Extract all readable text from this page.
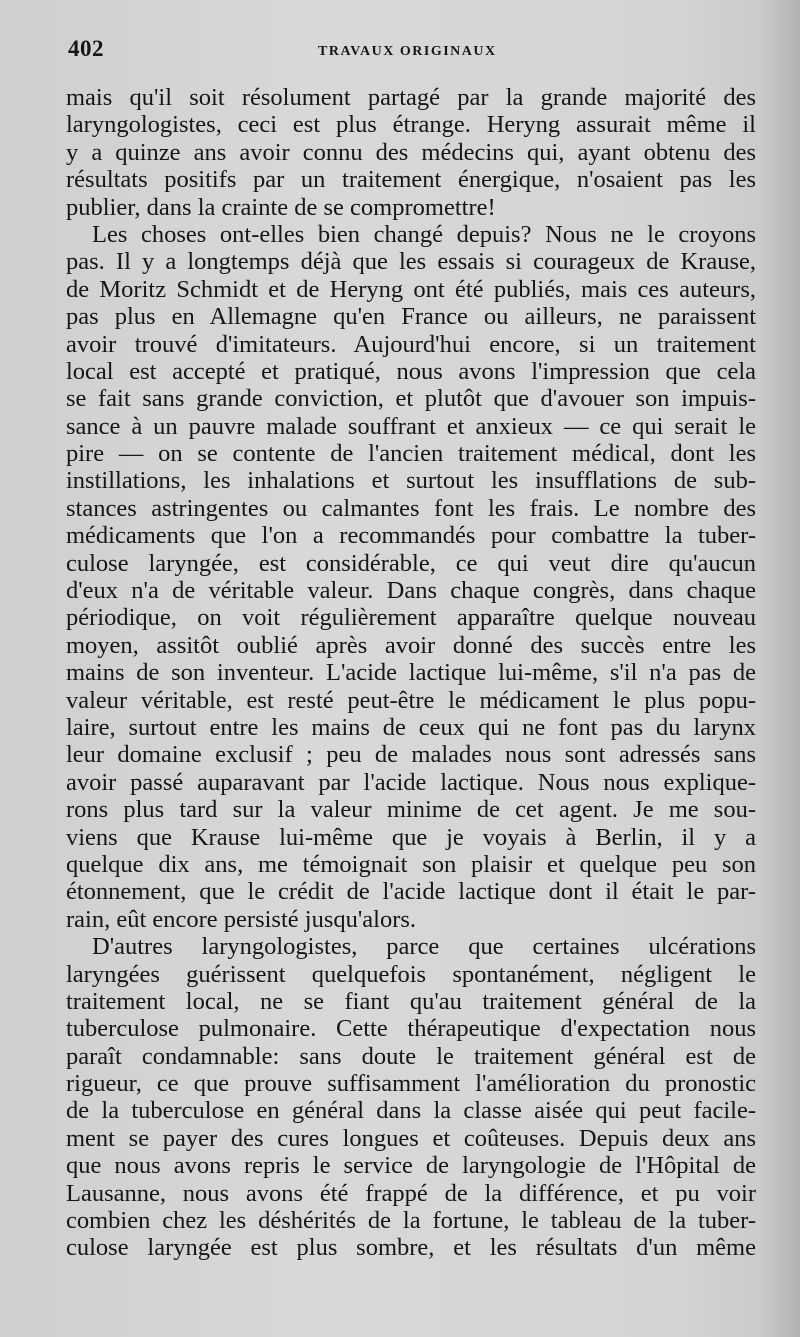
402	TRAVAUX ORIGINAUX
mais qu'il soit résolument partagé par la grande majorité des
laryngologistes, ceci est plus étrange. Heryng assurait même il
y a quinze ans avoir connu des médecins qui, ayant obtenu des
résultats positifs par un traitement énergique, n'osaient pas les
publier, dans la crainte de se compromettre!
Les choses ont-elles bien changé depuis? Nous ne le croyons
pas. Il y a longtemps déjà que les essais si courageux de Krause,
de Moritz Schmidt et de Heryng ont été publiés, mais ces auteurs,
pas plus en Allemagne qu'en France ou ailleurs, ne paraissent
avoir trouvé d'imitateurs. Aujourd'hui encore, si un traitement
local est accepté et pratiqué, nous avons l'impression que cela
se fait sans grande conviction, et plutôt que d'avouer son impuis-
sance à un pauvre malade souffrant et anxieux — ce qui serait le
pire — on se contente de l'ancien traitement médical, dont les
instillations, les inhalations et surtout les insufflations de sub-
stances astringentes ou calmantes font les frais. Le nombre des
médicaments que l'on a recommandés pour combattre la tuber-
culose laryngée, est considérable, ce qui veut dire qu'aucun
d'eux n'a de véritable valeur. Dans chaque congrès, dans chaque
périodique, on voit régulièrement apparaître quelque nouveau
moyen, assitôt oublié après avoir donné des succès entre les
mains de son inventeur. L'acide lactique lui-même, s'il n'a pas de
valeur véritable, est resté peut-être le médicament le plus popu-
laire, surtout entre les mains de ceux qui ne font pas du larynx
leur domaine exclusif ; peu de malades nous sont adressés sans
avoir passé auparavant par l'acide lactique. Nous nous explique-
rons plus tard sur la valeur minime de cet agent. Je me sou-
viens que Krause lui-même que je voyais à Berlin, il y a
quelque dix ans, me témoignait son plaisir et quelque peu son
étonnement, que le crédit de l'acide lactique dont il était le par-
rain, eût encore persisté jusqu'alors.
D'autres laryngologistes, parce que certaines ulcérations
laryngées guérissent quelquefois spontanément, négligent le
traitement local, ne se fiant qu'au traitement général de la
tuberculose pulmonaire. Cette thérapeutique d'expectation nous
paraît condamnable: sans doute le traitement général est de
rigueur, ce que prouve suffisamment l'amélioration du pronostic
de la tuberculose en général dans la classe aisée qui peut facile-
ment se payer des cures longues et coûteuses. Depuis deux ans
que nous avons repris le service de laryngologie de l'Hôpital de
Lausanne, nous avons été frappé de la différence, et pu voir
combien chez les déshérités de la fortune, le tableau de la tuber-
culose laryngée est plus sombre, et les résultats d'un même
